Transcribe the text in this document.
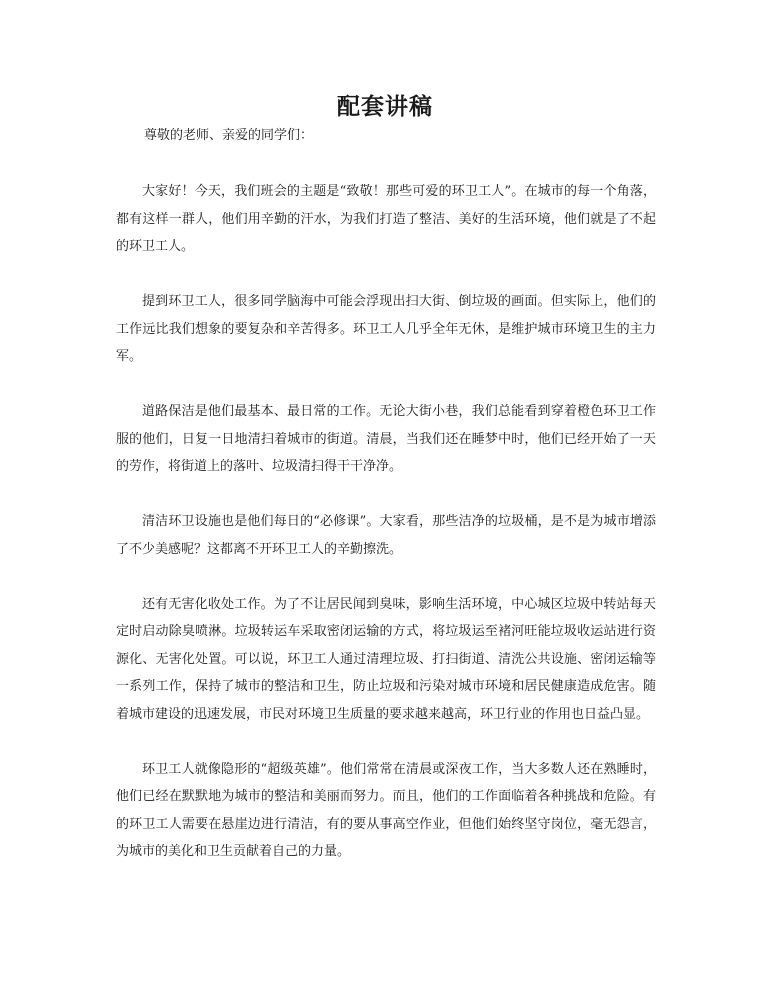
配套讲稿

尊敬的老师、亲爱的同学们：

大家好！今天，我们班会的主题是“致敬！那些可爱的环卫工人”。在城市的每一个角落，都有这样一群人，他们用辛勤的汗水，为我们打造了整洁、美好的生活环境，他们就是了不起的环卫工人。

提到环卫工人，很多同学脑海中可能会浮现出扫大街、倒垃圾的画面。但实际上，他们的工作远比我们想象的要复杂和辛苦得多。环卫工人几乎全年无休，是维护城市环境卫生的主力军。

道路保洁是他们最基本、最日常的工作。无论大街小巷，我们总能看到穿着橙色环卫工作服的他们，日复一日地清扫着城市的街道。清晨，当我们还在睡梦中时，他们已经开始了一天的劳作，将街道上的落叶、垃圾清扫得干干净净。

清洁环卫设施也是他们每日的“必修课”。大家看，那些洁净的垃圾桶，是不是为城市增添了不少美感呢？这都离不开环卫工人的辛勤擦洗。

还有无害化收处工作。为了不让居民闻到臭味，影响生活环境，中心城区垃圾中转站每天定时启动除臭喷淋。垃圾转运车采取密闭运输的方式，将垃圾运至褚河旺能垃圾收运站进行资源化、无害化处置。可以说，环卫工人通过清理垃圾、打扫街道、清洗公共设施、密闭运输等一系列工作，保持了城市的整洁和卫生，防止垃圾和污染对城市环境和居民健康造成危害。随着城市建设的迅速发展，市民对环境卫生质量的要求越来越高，环卫行业的作用也日益凸显。

环卫工人就像隐形的“超级英雄”。他们常常在清晨或深夜工作，当大多数人还在熟睡时，他们已经在默默地为城市的整洁和美丽而努力。而且，他们的工作面临着各种挑战和危险。有的环卫工人需要在悬崖边进行清洁，有的要从事高空作业，但他们始终坚守岗位，毫无怨言，为城市的美化和卫生贡献着自己的力量。
